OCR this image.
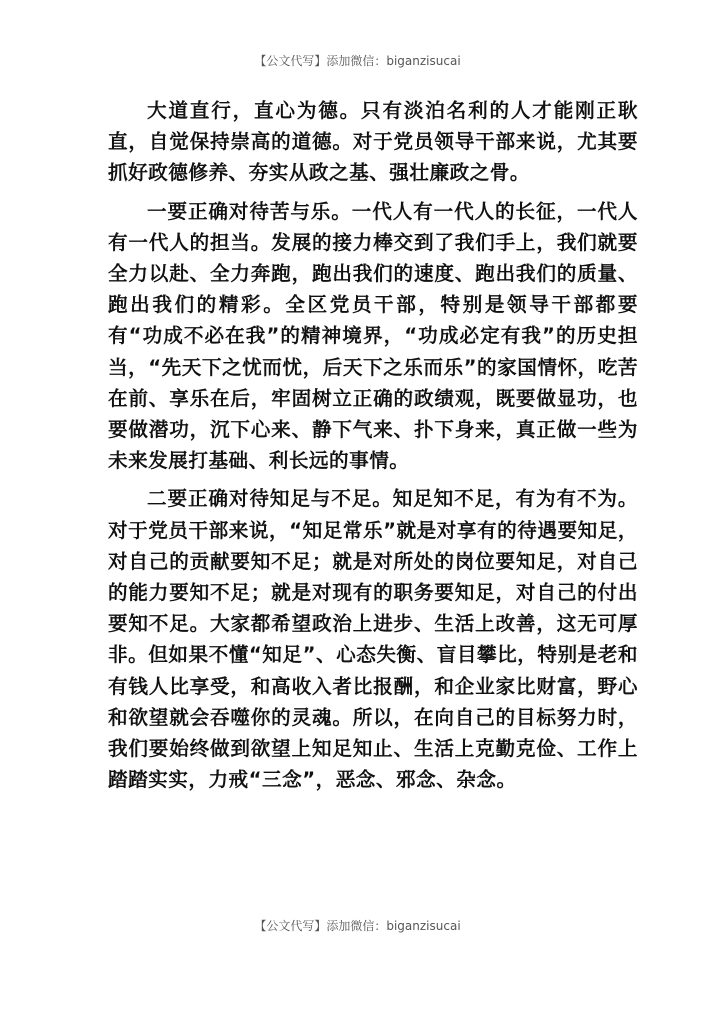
【公文代写】添加微信：biganzisucai

大道直行，直心为德。只有淡泊名利的人才能刚正耿直，自觉保持崇高的道德。对于党员领导干部来说，尤其要抓好政德修养、夯实从政之基、强壮廉政之骨。

一要正确对待苦与乐。一代人有一代人的长征，一代人有一代人的担当。发展的接力棒交到了我们手上，我们就要全力以赴、全力奔跑，跑出我们的速度、跑出我们的质量、跑出我们的精彩。全区党员干部，特别是领导干部都要有“功成不必在我”的精神境界，“功成必定有我”的历史担当，“先天下之忧而忧，后天下之乐而乐”的家国情怀，吃苦在前、享乐在后，牢固树立正确的政绩观，既要做显功，也要做潜功，沉下心来、静下气来、扑下身来，真正做一些为未来发展打基础、利长远的事情。

二要正确对待知足与不足。知足知不足，有为有不为。对于党员干部来说，“知足常乐”就是对享有的待遇要知足，对自己的贡献要知不足；就是对所处的岗位要知足，对自己的能力要知不足；就是对现有的职务要知足，对自己的付出要知不足。大家都希望政治上进步、生活上改善，这无可厚非。但如果不懂“知足”、心态失衡、盲目攀比，特别是老和有钱人比享受，和高收入者比报酬，和企业家比财富，野心和欲望就会吞噬你的灵魂。所以，在向自己的目标努力时，我们要始终做到欲望上知足知止、生活上克勤克俭、工作上踏踏实实，力戒“三念”，恶念、邪念、杂念。

【公文代写】添加微信：biganzisucai
